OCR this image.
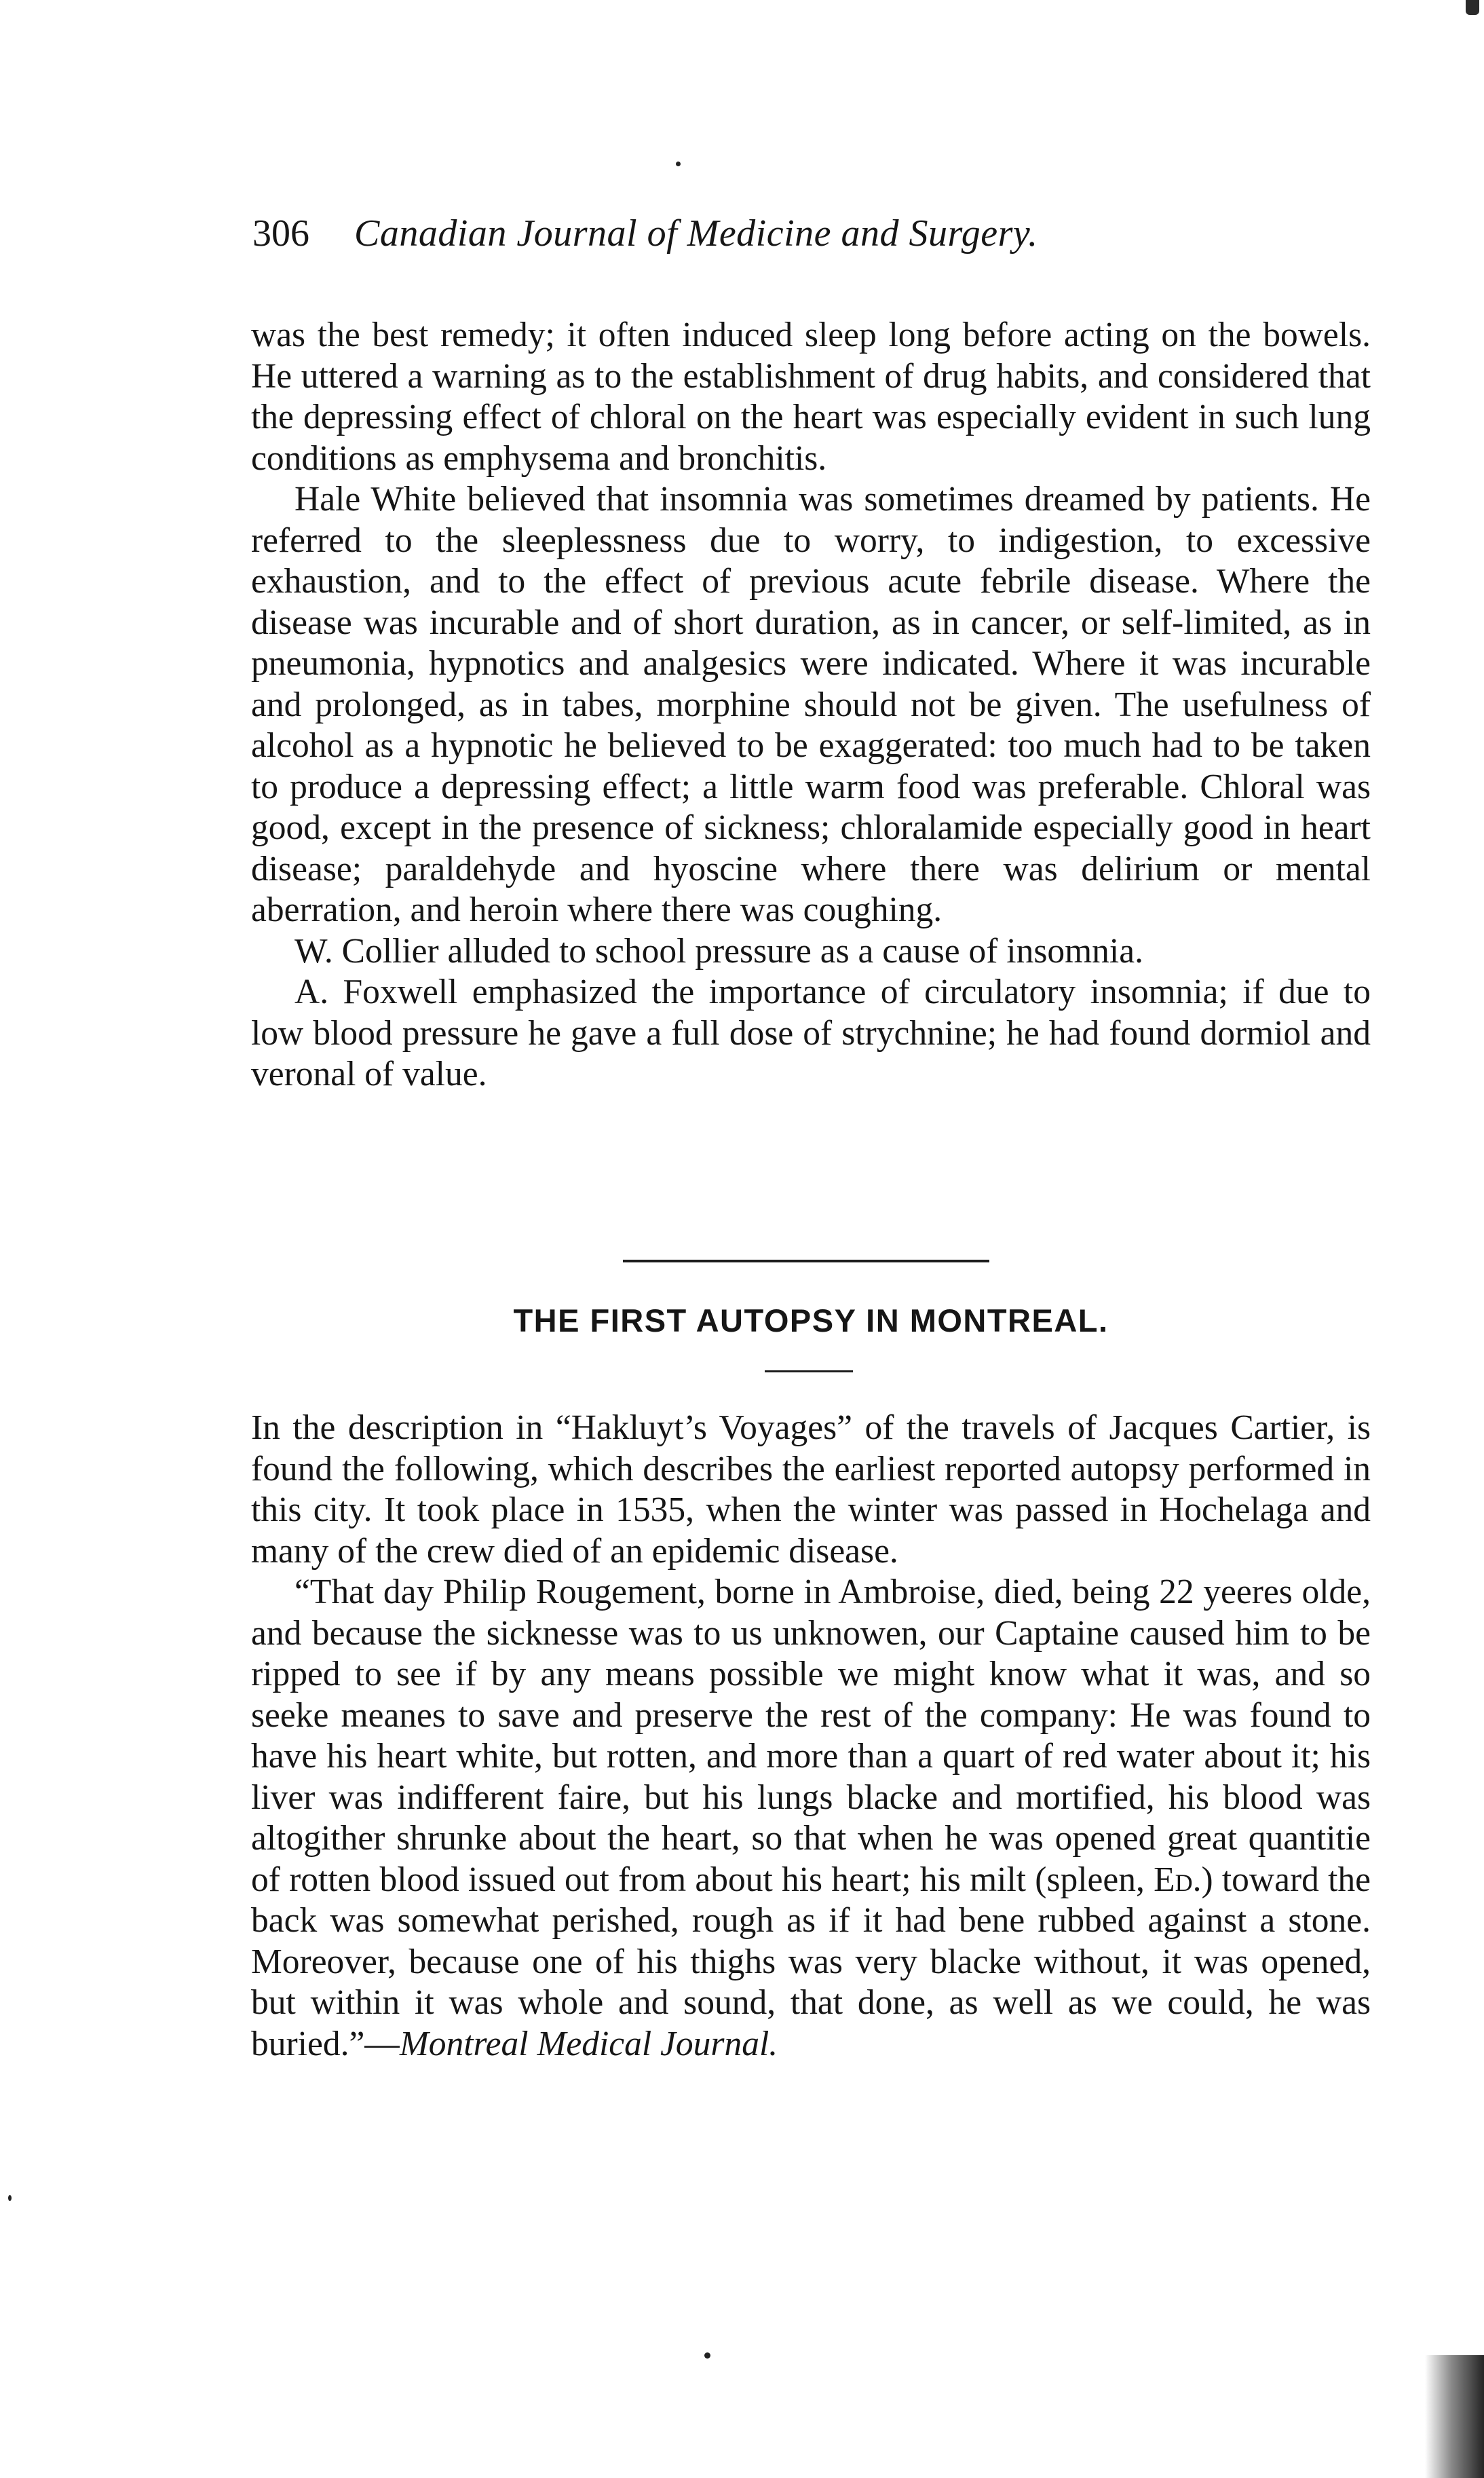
306	Canadian Journal of Medicine and Surgery.

was the best remedy; it often induced sleep long before acting on the bowels. He uttered a warning as to the establishment of drug habits, and considered that the depressing effect of chloral on the heart was especially evident in such lung conditions as emphysema and bronchitis.

Hale White believed that insomnia was sometimes dreamed by patients. He referred to the sleeplessness due to worry, to indigestion, to excessive exhaustion, and to the effect of previous acute febrile disease. Where the disease was incurable and of short duration, as in cancer, or self-limited, as in pneumonia, hypnotics and analgesics were indicated. Where it was incurable and prolonged, as in tabes, morphine should not be given. The usefulness of alcohol as a hypnotic he believed to be exaggerated: too much had to be taken to produce a depressing effect; a little warm food was preferable. Chloral was good, except in the presence of sickness; chloralamide especially good in heart disease; paraldehyde and hyoscine where there was delirium or mental aberration, and heroin where there was coughing.

W. Collier alluded to school pressure as a cause of insomnia.

A. Foxwell emphasized the importance of circulatory insomnia; if due to low blood pressure he gave a full dose of strychnine; he had found dormiol and veronal of value.

THE FIRST AUTOPSY IN MONTREAL.

In the description in “Hakluyt’s Voyages” of the travels of Jacques Cartier, is found the following, which describes the earliest reported autopsy performed in this city. It took place in 1535, when the winter was passed in Hochelaga and many of the crew died of an epidemic disease.

“That day Philip Rougement, borne in Ambroise, died, being 22 yeeres olde, and because the sicknesse was to us unknowen, our Captaine caused him to be ripped to see if by any means possible we might know what it was, and so seeke meanes to save and preserve the rest of the company: He was found to have his heart white, but rotten, and more than a quart of red water about it; his liver was indifferent faire, but his lungs blacke and mortified, his blood was altogither shrunke about the heart, so that when he was opened great quantitie of rotten blood issued out from about his heart; his milt (spleen, Ed.) toward the back was somewhat perished, rough as if it had bene rubbed against a stone. Moreover, because one of his thighs was very blacke without, it was opened, but within it was whole and sound, that done, as well as we could, he was buried.”—Montreal Medical Journal.
